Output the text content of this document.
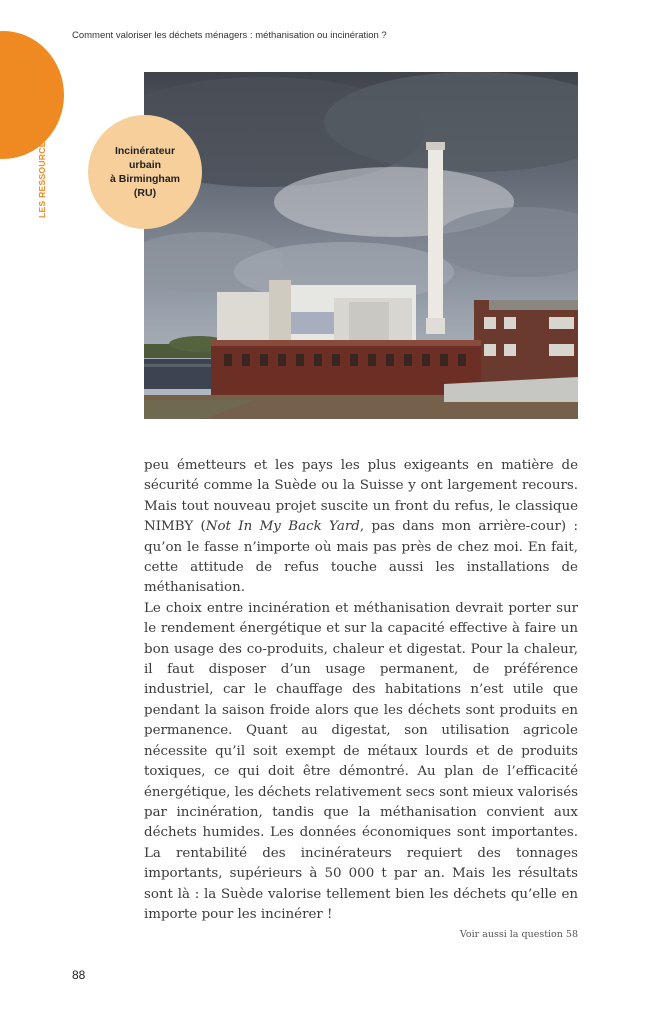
Comment valoriser les déchets ménagers : méthanisation ou incinération ?
LES RESSOURCES EN ÉNERGIE	Incinérateur
urbain
à Birmingham
(RU)

peu émetteurs et les pays les plus exigeants en matière de sécurité comme la Suède ou la Suisse y ont largement recours. Mais tout nouveau projet suscite un front du refus, le classique NIMBY (Not In My Back Yard, pas dans mon arrière-cour) : qu’on le fasse n’importe où mais pas près de chez moi. En fait, cette attitude de refus touche aussi les installations de méthanisation.

Le choix entre incinération et méthanisation devrait porter sur le rendement énergétique et sur la capacité effective à faire un bon usage des co-produits, chaleur et digestat. Pour la chaleur, il faut disposer d’un usage permanent, de préférence industriel, car le chauffage des habitations n’est utile que pendant la saison froide alors que les déchets sont produits en permanence. Quant au digestat, son utilisation agricole nécessite qu’il soit exempt de métaux lourds et de produits toxiques, ce qui doit être démontré. Au plan de l’efficacité énergétique, les déchets relativement secs sont mieux valorisés par incinération, tandis que la méthanisation convient aux déchets humides. Les données économiques sont importantes. La rentabilité des incinérateurs requiert des tonnages importants, supérieurs à 50 000 t par an. Mais les résultats sont là : la Suède valorise tellement bien les déchets qu’elle en importe pour les incinérer !

Voir aussi la question 58
88
